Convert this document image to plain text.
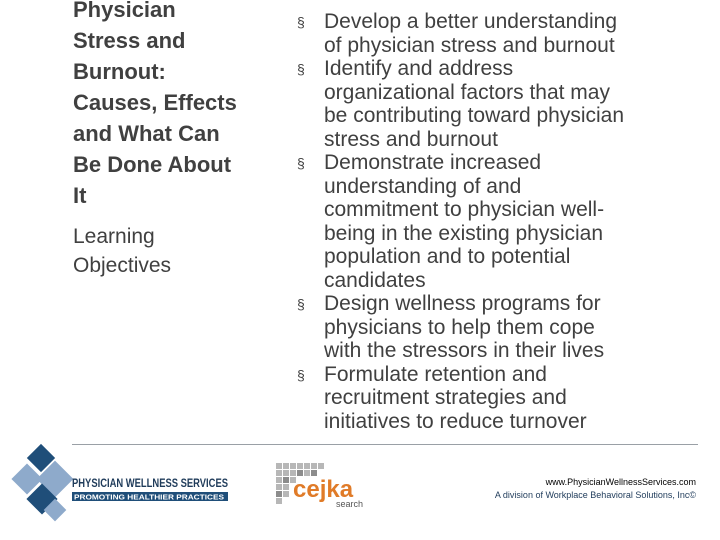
Physician
Stress and
Burnout:
Causes, Effects
and What Can
Be Done About
It
Learning
Objectives
§ Develop a better understanding
of physician stress and burnout
§ Identify and address
organizational factors that may
be contributing toward physician
stress and burnout
§ Demonstrate increased
understanding of and
commitment to physician well-
being in the existing physician
population and to potential
candidates
§ Design wellness programs for
physicians to help them cope
with the stressors in their lives
§ Formulate retention and
recruitment strategies and
initiatives to reduce turnover
PHYSICIAN WELLNESS SERVICES
PROMOTING HEALTHIER PRACTICES	cejka
search
www.PhysicianWellnessServices.com
A division of Workplace Behavioral Solutions, Inc©
